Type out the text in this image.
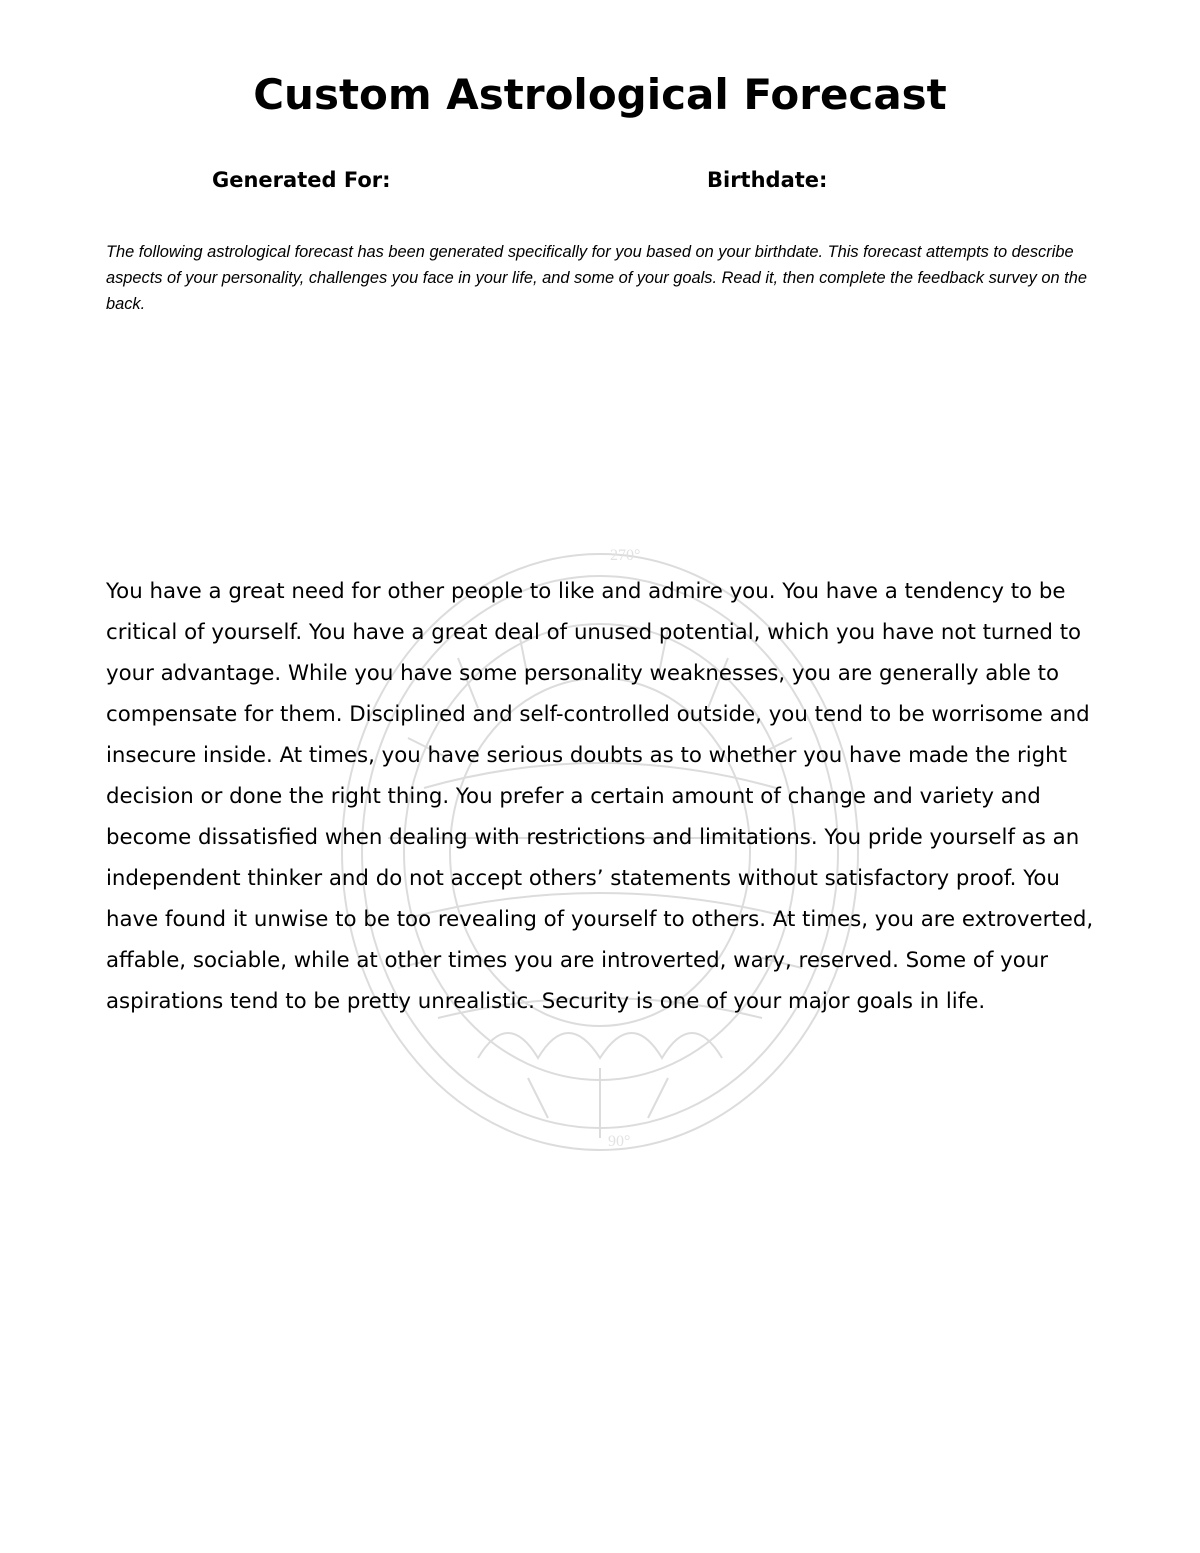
Custom Astrological Forecast
Generated For:	Birthdate:

The following astrological forecast has been generated specifically for you based on your birthdate. This forecast attempts to describe aspects of your personality, challenges you face in your life, and some of your goals. Read it, then complete the feedback survey on the back.

270°
90°

You have a great need for other people to like and admire you. You have a tendency to be critical of yourself. You have a great deal of unused potential, which you have not turned to your advantage. While you have some personality weaknesses, you are generally able to compensate for them. Disciplined and self-controlled outside, you tend to be worrisome and insecure inside. At times, you have serious doubts as to whether you have made the right decision or done the right thing. You prefer a certain amount of change and variety and become dissatisfied when dealing with restrictions and limitations. You pride yourself as an independent thinker and do not accept others’ statements without satisfactory proof. You have found it unwise to be too revealing of yourself to others. At times, you are extroverted, affable, sociable, while at other times you are introverted, wary, reserved. Some of your aspirations tend to be pretty unrealistic. Security is one of your major goals in life.
